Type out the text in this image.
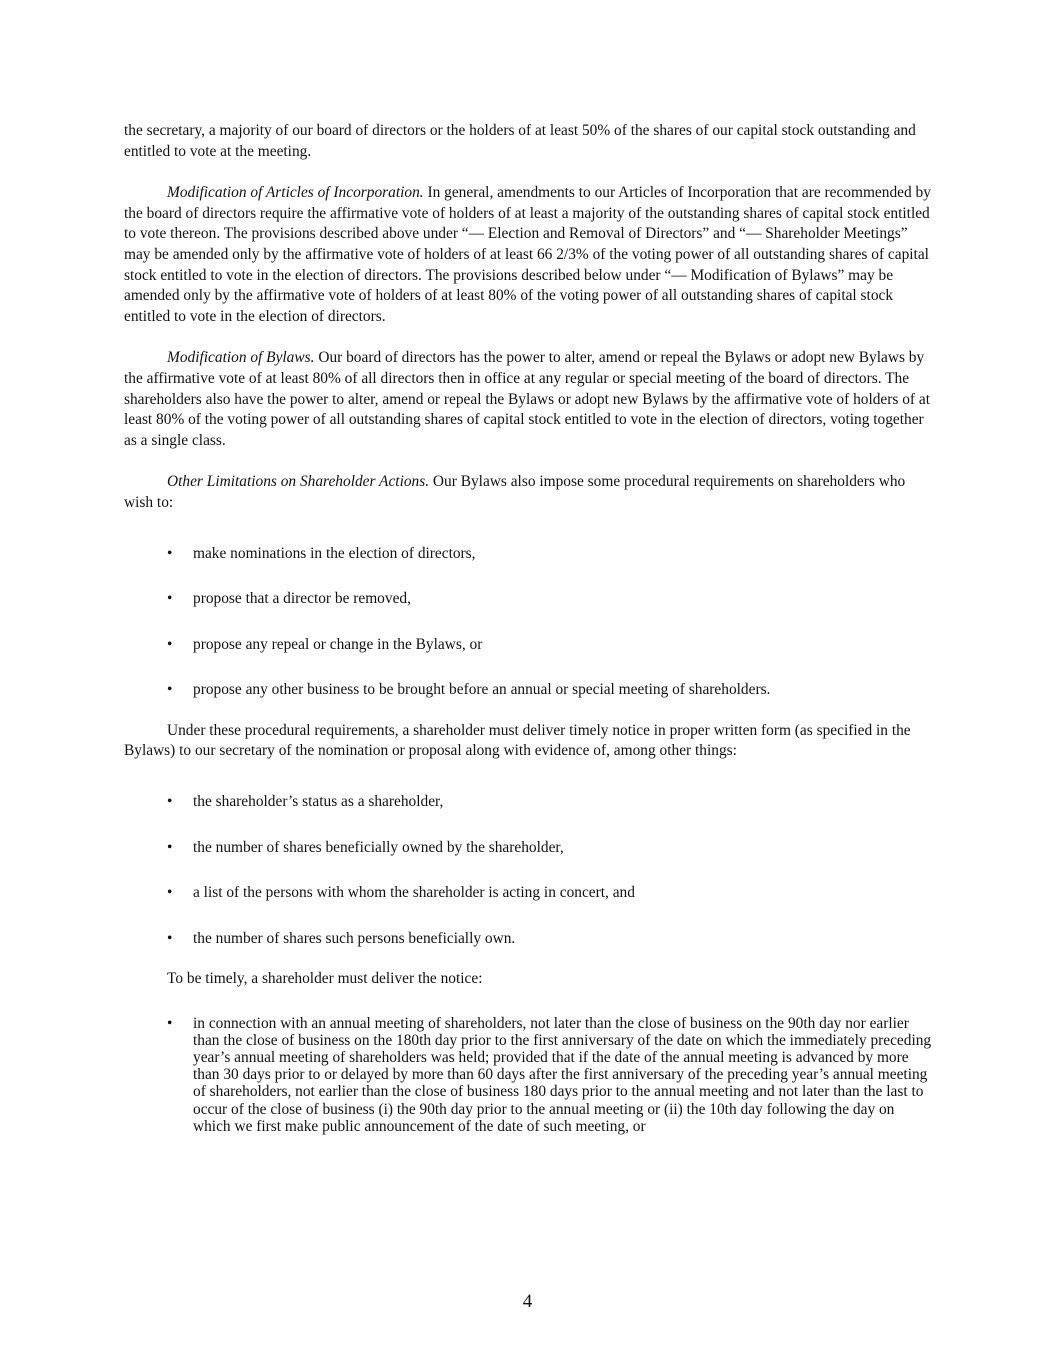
the secretary, a majority of our board of directors or the holders of at least 50% of the shares of our capital stock outstanding and entitled to vote at the meeting.

Modification of Articles of Incorporation. In general, amendments to our Articles of Incorporation that are recommended by the board of directors require the affirmative vote of holders of at least a majority of the outstanding shares of capital stock entitled to vote thereon. The provisions described above under “— Election and Removal of Directors” and “— Shareholder Meetings” may be amended only by the affirmative vote of holders of at least 66 2/3% of the voting power of all outstanding shares of capital stock entitled to vote in the election of directors. The provisions described below under “— Modification of Bylaws” may be amended only by the affirmative vote of holders of at least 80% of the voting power of all outstanding shares of capital stock entitled to vote in the election of directors.

Modification of Bylaws. Our board of directors has the power to alter, amend or repeal the Bylaws or adopt new Bylaws by the affirmative vote of at least 80% of all directors then in office at any regular or special meeting of the board of directors. The shareholders also have the power to alter, amend or repeal the Bylaws or adopt new Bylaws by the affirmative vote of holders of at least 80% of the voting power of all outstanding shares of capital stock entitled to vote in the election of directors, voting together as a single class.

Other Limitations on Shareholder Actions. Our Bylaws also impose some procedural requirements on shareholders who wish to:

• make nominations in the election of directors,
• propose that a director be removed,
• propose any repeal or change in the Bylaws, or
• propose any other business to be brought before an annual or special meeting of shareholders.

Under these procedural requirements, a shareholder must deliver timely notice in proper written form (as specified in the Bylaws) to our secretary of the nomination or proposal along with evidence of, among other things:

• the shareholder’s status as a shareholder,
• the number of shares beneficially owned by the shareholder,
• a list of the persons with whom the shareholder is acting in concert, and
• the number of shares such persons beneficially own.

To be timely, a shareholder must deliver the notice:

• in connection with an annual meeting of shareholders, not later than the close of business on the 90th day nor earlier than the close of business on the 180th day prior to the first anniversary of the date on which the immediately preceding year’s annual meeting of shareholders was held; provided that if the date of the annual meeting is advanced by more than 30 days prior to or delayed by more than 60 days after the first anniversary of the preceding year’s annual meeting of shareholders, not earlier than the close of business 180 days prior to the annual meeting and not later than the last to occur of the close of business (i) the 90th day prior to the annual meeting or (ii) the 10th day following the day on which we first make public announcement of the date of such meeting, or
4
